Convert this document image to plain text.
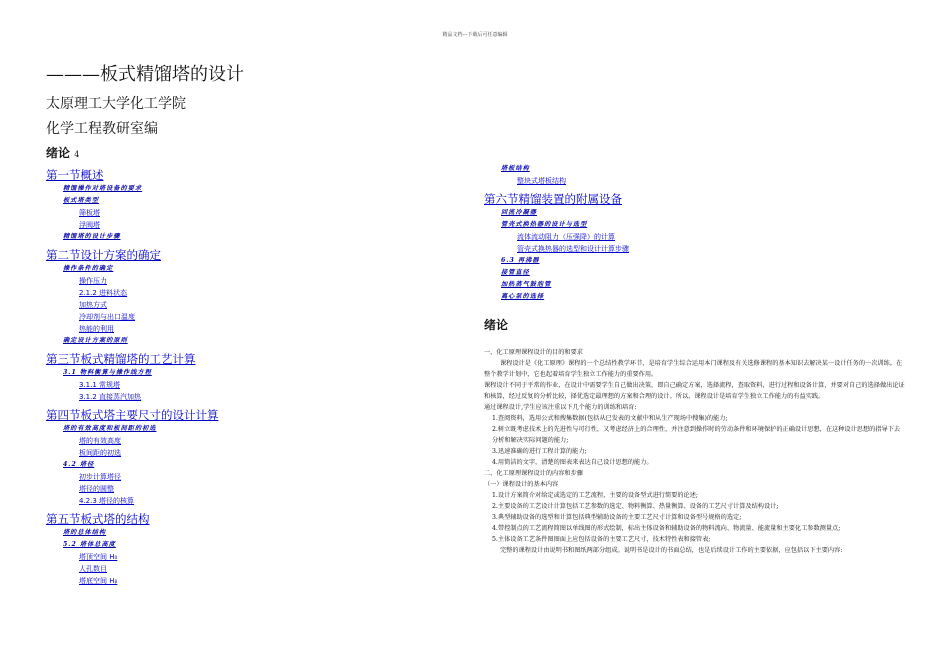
精品文档---下载后可任意编辑
———板式精馏塔的设计
太原理工大学化工学院
化学工程教研室编
绪论 4
第一节概述
精馏操作对塔设备的要求
板式塔类型
筛板塔
浮阀塔
精馏塔的设计步骤
第二节设计方案的确定
操作条件的确定
操作压力
2.1.2 进料状态
加热方式
冷却剂与出口温度
热能的利用
确定设计方案的原则
第三节板式精馏塔的工艺计算
3.1 物料衡算与操作线方程
3.1.1 常规塔
3.1.2 直接蒸汽加热
第四节板式塔主要尺寸的设计计算
塔的有效高度和板间距的初选
塔的有效高度
板间距的初选
4.2 塔径
初步计算塔径
塔径的圆整
4.2.3 塔径的核算
第五节板式塔的结构
塔的总体结构
5.2 塔体总高度
塔顶空间 H₀
人孔数目
塔底空间 Hᵦ
塔板结构
整块式塔板结构
第六节精馏装置的附属设备
回流冷凝器
管壳式换热器的设计与选型
流体流动阻力（压强降）的计算
管壳式换热器的选型和设计计算步骤
6.3 再沸器
接管直径
加热蒸气鼓泡管
离心泵的选择
绪论

一、化工原理课程设计的目的和要求

课程设计是《化工原理》课程的一个总结性教学环节，是培育学生综合运用本门课程及有关选修课程的基本知识去解决某一设计任务的一次训练。在整个教学计划中，它也起着培育学生独立工作能力的重要作用。

课程设计不同于平常的作业，在设计中需要学生自己做出决策，即自己确定方案，选择流程，查取资料，进行过程和设备计算，并要对自己的选择做出论证和核算，经过反复的分析比较，择优选定最理想的方案和合理的设计。所以，课程设计是培育学生独立工作能力的有益实践。

通过课程设计,学生应该注重以下几个能力的训练和培育:

1.查阅资料，选用公式和搜集数据(包括从已发表的文献中和从生产现场中搜集)的能力;

2.树立既考虑技术上的先进性与可行性，又考虑经济上的合理性，并注意到操作时的劳动条件和环境保护的正确设计思想，在这种设计思想的指导下去分析和解决实际问题的能力;

3.迅速准确的进行工程计算的能力;

4.用简洁的文字，清楚的图表来表达自己设计思想的能力。

二、化工原理课程设计的内容和步骤

（一）课程设计的基本内容

1.设计方案简介对给定或选定的工艺流程，主要的设备型式进行简要的论述;

2.主要设备的工艺设计计算包括工艺参数的选定、物料衡算、热量衡算、设备的工艺尺寸计算及结构设计;

3.典型辅助设备的选型和计算包括典型辅助设备的主要工艺尺寸计算和设备型号规格的选定;

4.带控制点的工艺流程简图以单线图的形式绘制，标出主体设备和辅助设备的物料流向、物流量、能流量和主要化工参数测量点;

5.主体设备工艺条件图图面上应包括设备的主要工艺尺寸，技术特性表和接管表;

完整的课程设计由说明书和图纸两部分组成。说明书是设计的书面总结，也是后续设计工作的主要依据，应包括以下主要内容:
